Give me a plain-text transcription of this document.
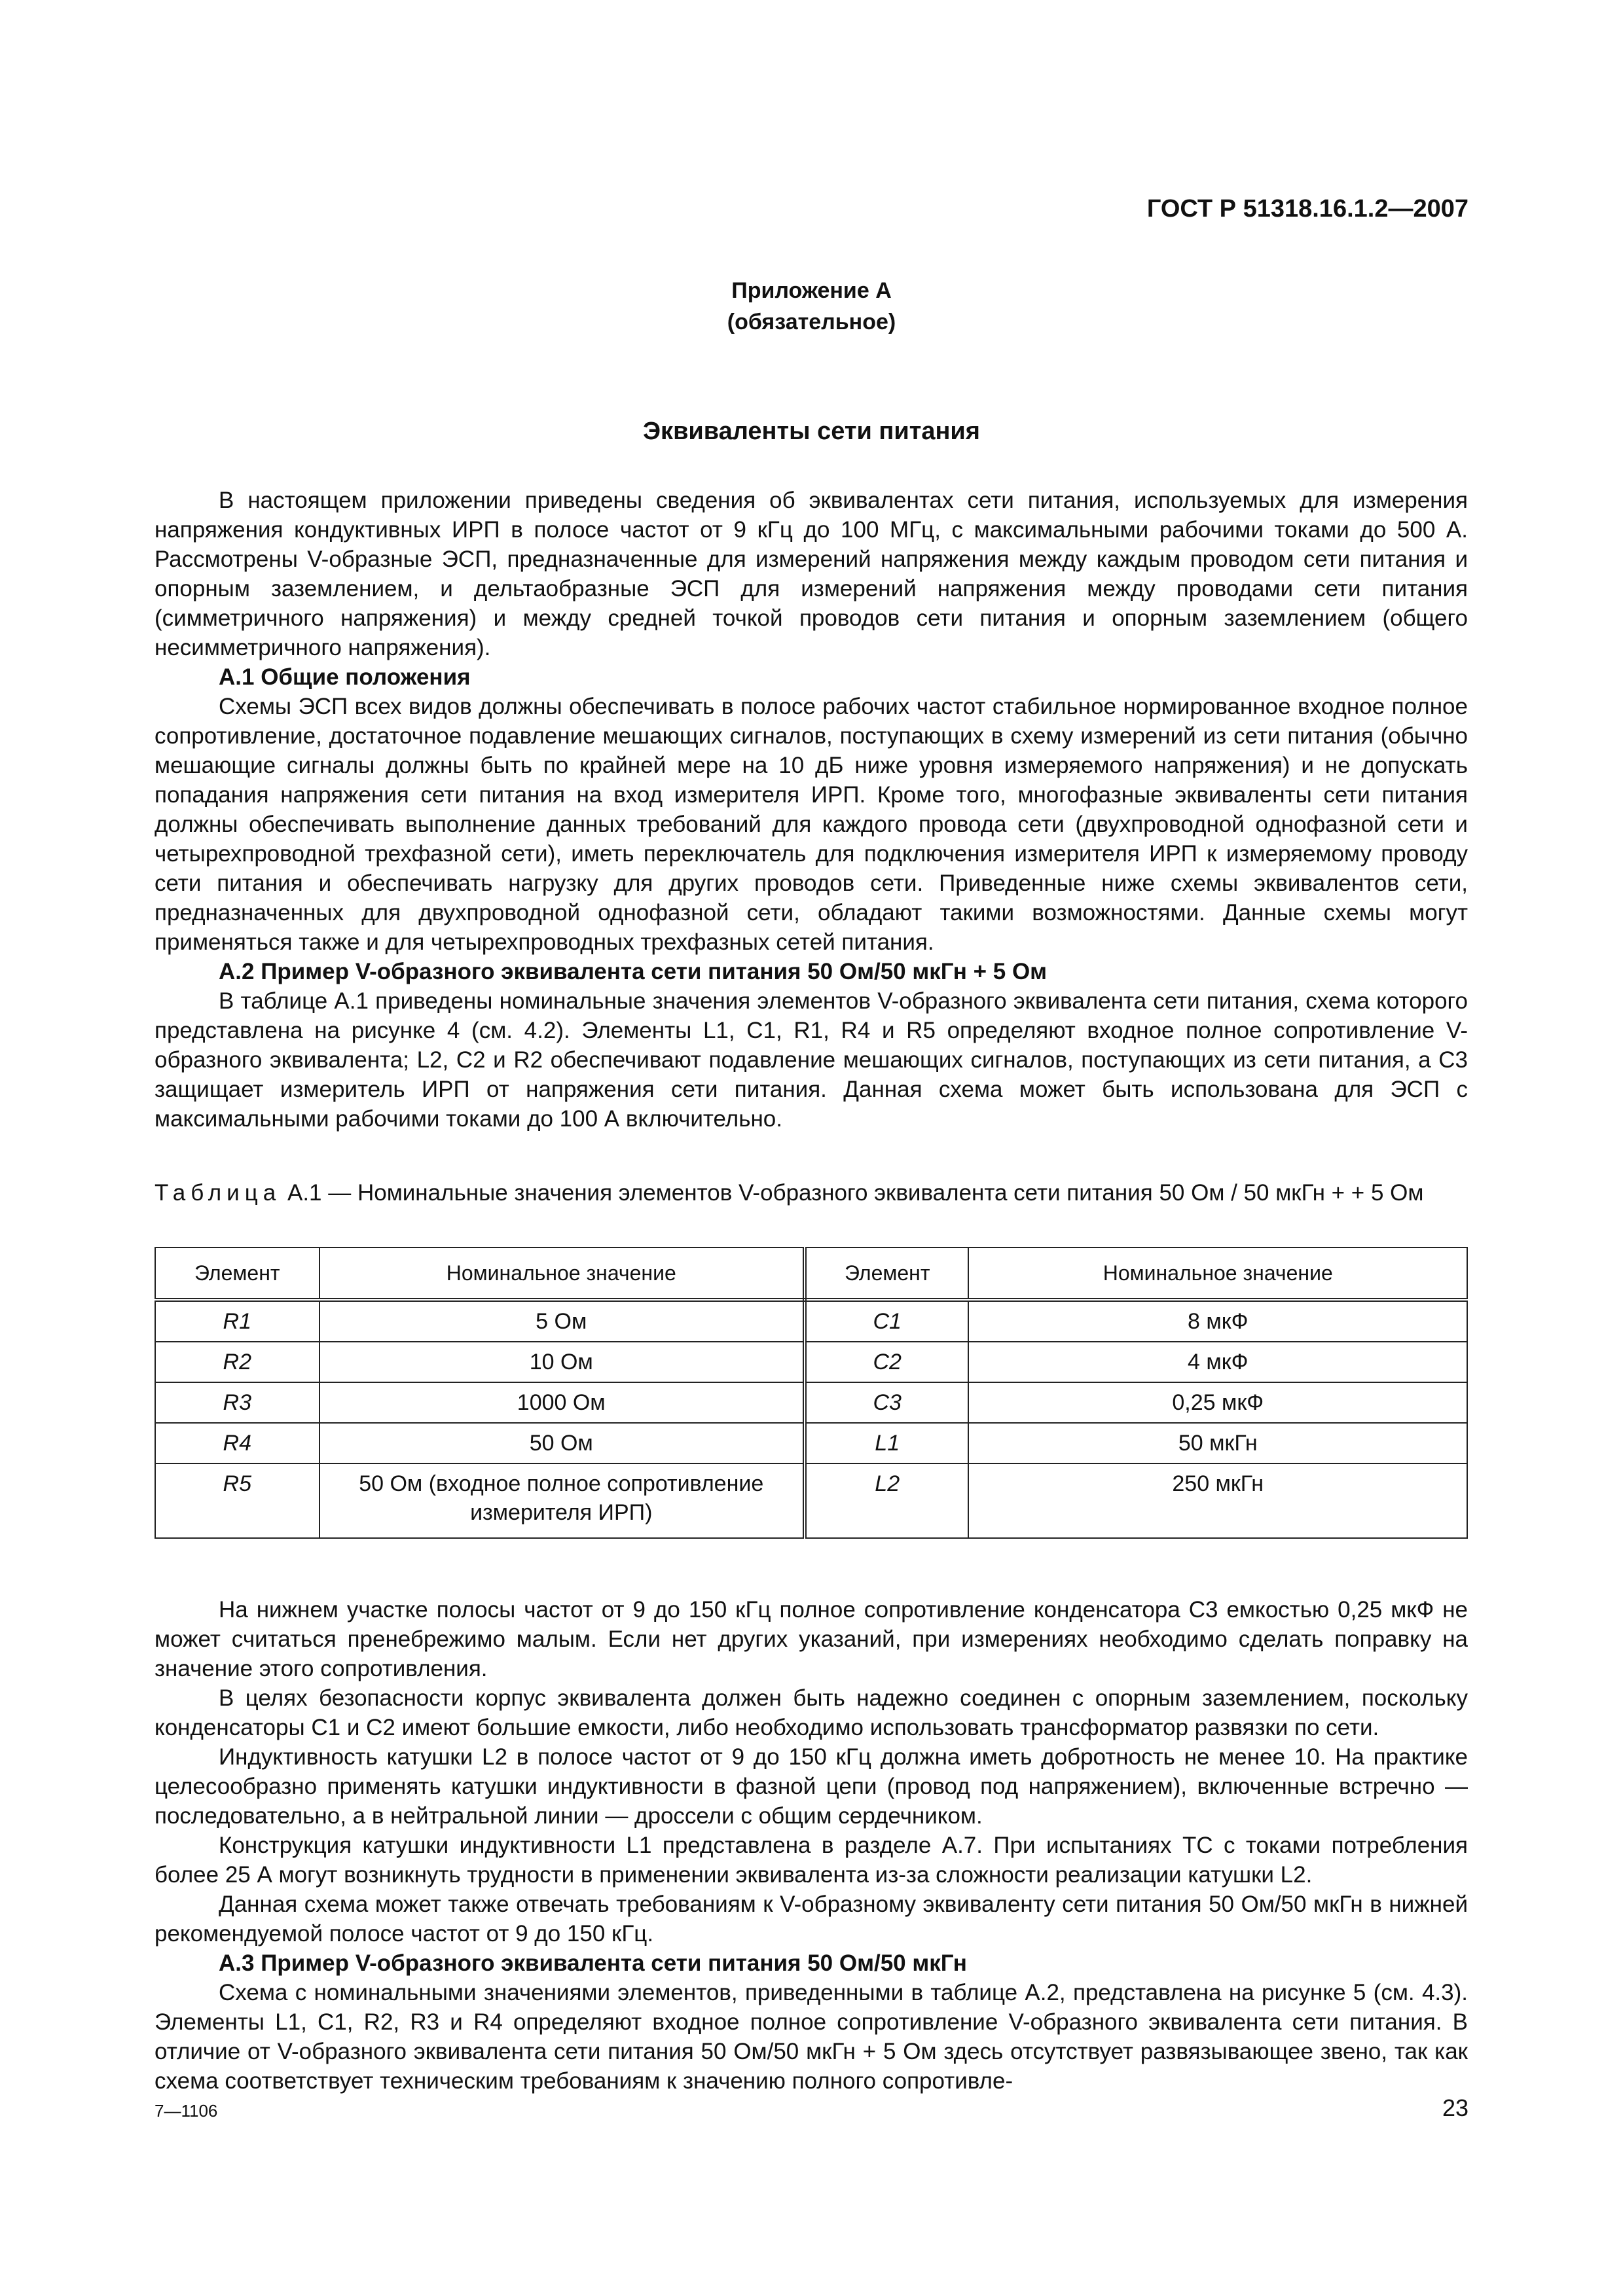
ГОСТ Р 51318.16.1.2—2007
Приложение А
(обязательное)
Эквиваленты сети питания

В настоящем приложении приведены сведения об эквивалентах сети питания, используемых для измерения напряжения кондуктивных ИРП в полосе частот от 9 кГц до 100 МГц, с максимальными рабочими токами до 500 А. Рассмотрены V-образные ЭСП, предназначенные для измерений напряжения между каждым проводом сети питания и опорным заземлением, и дельтаобразные ЭСП для измерений напряжения между проводами сети питания (симметричного напряжения) и между средней точкой проводов сети питания и опорным заземлением (общего несимметричного напряжения).

А.1 Общие положения

Схемы ЭСП всех видов должны обеспечивать в полосе рабочих частот стабильное нормированное входное полное сопротивление, достаточное подавление мешающих сигналов, поступающих в схему измерений из сети питания (обычно мешающие сигналы должны быть по крайней мере на 10 дБ ниже уровня измеряемого напряжения) и не допускать попадания напряжения сети питания на вход измерителя ИРП. Кроме того, многофазные эквиваленты сети питания должны обеспечивать выполнение данных требований для каждого провода сети (двухпроводной однофазной сети и четырехпроводной трехфазной сети), иметь переключатель для подключения измерителя ИРП к измеряемому проводу сети питания и обеспечивать нагрузку для других проводов сети. Приведенные ниже схемы эквивалентов сети, предназначенных для двухпроводной однофазной сети, обладают такими возможностями. Данные схемы могут применяться также и для четырехпроводных трехфазных сетей питания.

А.2 Пример V-образного эквивалента сети питания 50 Ом/50 мкГн + 5 Ом

В таблице А.1 приведены номинальные значения элементов V-образного эквивалента сети питания, схема которого представлена на рисунке 4 (см. 4.2). Элементы L1, C1, R1, R4 и R5 определяют входное полное сопротивление V-образного эквивалента; L2, C2 и R2 обеспечивают подавление мешающих сигналов, поступающих из сети питания, а C3 защищает измеритель ИРП от напряжения сети питания. Данная схема может быть использована для ЭСП с максимальными рабочими токами до 100 А включительно.

Таблица А.1 — Номинальные значения элементов V-образного эквивалента сети питания 50 Ом / 50 мкГн + + 5 Ом
Элемент	Номинальное значение	Элемент	Номинальное значение
R1	5 Ом	C1	8 мкФ
R2	10 Ом	C2	4 мкФ
R3	1000 Ом	C3	0,25 мкФ
R4	50 Ом	L1	50 мкГн
R5	50 Ом (входное полное сопротивление измерителя ИРП)	L2	250 мкГн

На нижнем участке полосы частот от 9 до 150 кГц полное сопротивление конденсатора C3 емкостью 0,25 мкФ не может считаться пренебрежимо малым. Если нет других указаний, при измерениях необходимо сделать поправку на значение этого сопротивления.

В целях безопасности корпус эквивалента должен быть надежно соединен с опорным заземлением, поскольку конденсаторы C1 и C2 имеют большие емкости, либо необходимо использовать трансформатор развязки по сети.

Индуктивность катушки L2 в полосе частот от 9 до 150 кГц должна иметь добротность не менее 10. На практике целесообразно применять катушки индуктивности в фазной цепи (провод под напряжением), включенные встречно — последовательно, а в нейтральной линии — дроссели с общим сердечником.

Конструкция катушки индуктивности L1 представлена в разделе А.7. При испытаниях ТС с токами потребления более 25 А могут возникнуть трудности в применении эквивалента из-за сложности реализации катушки L2.

Данная схема может также отвечать требованиям к V-образному эквиваленту сети питания 50 Ом/50 мкГн в нижней рекомендуемой полосе частот от 9 до 150 кГц.

А.3 Пример V-образного эквивалента сети питания 50 Ом/50 мкГн

Схема с номинальными значениями элементов, приведенными в таблице А.2, представлена на рисунке 5 (см. 4.3). Элементы L1, C1, R2, R3 и R4 определяют входное полное сопротивление V-образного эквивалента сети питания. В отличие от V-образного эквивалента сети питания 50 Ом/50 мкГн + 5 Ом здесь отсутствует развязывающее звено, так как схема соответствует техническим требованиям к значению полного сопротивле-

7—1106	23
